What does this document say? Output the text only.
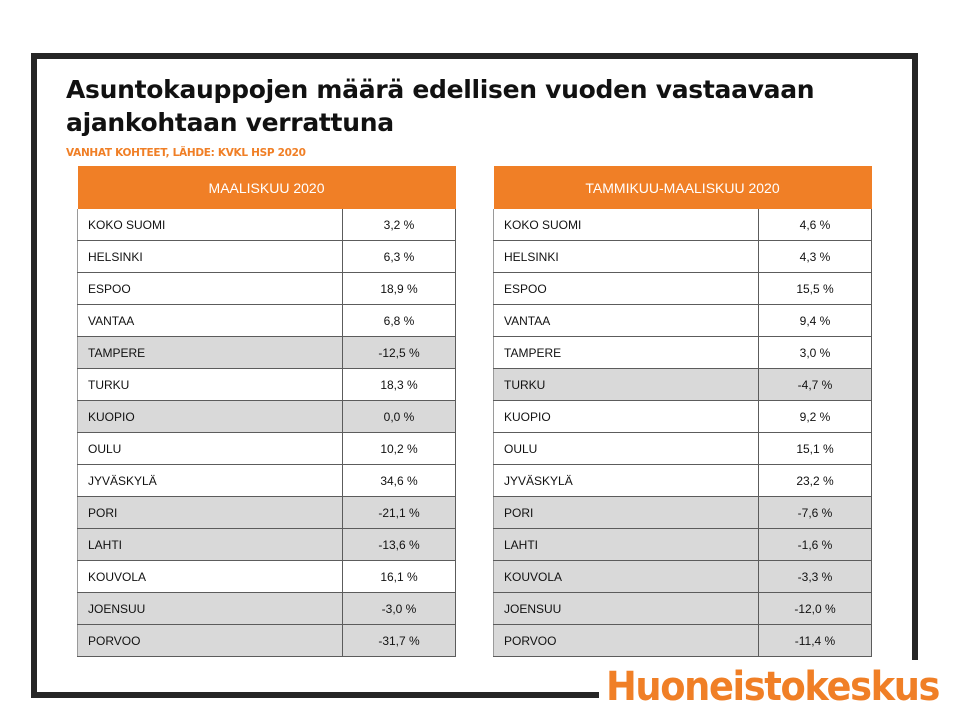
Asuntokauppojen määrä edellisen vuoden vastaavaan ajankohtaan verrattuna
VANHAT KOHTEET, LÄHDE: KVKL HSP 2020
MAALISKUU 2020	
KOKO SUOMI	3,2 %
HELSINKI	6,3 %
ESPOO	18,9 %
VANTAA	6,8 %
TAMPERE	-12,5 %
TURKU	18,3 %
KUOPIO	0,0 %
OULU	10,2 %
JYVÄSKYLÄ	34,6 %
PORI	-21,1 %
LAHTI	-13,6 %
KOUVOLA	16,1 %
JOENSUU	-3,0 %
PORVOO	-31,7 %
TAMMIKUU-MAALISKUU 2020	
KOKO SUOMI	4,6 %
HELSINKI	4,3 %
ESPOO	15,5 %
VANTAA	9,4 %
TAMPERE	3,0 %
TURKU	-4,7 %
KUOPIO	9,2 %
OULU	15,1 %
JYVÄSKYLÄ	23,2 %
PORI	-7,6 %
LAHTI	-1,6 %
KOUVOLA	-3,3 %
JOENSUU	-12,0 %
PORVOO	-11,4 %
Huoneistokeskus
